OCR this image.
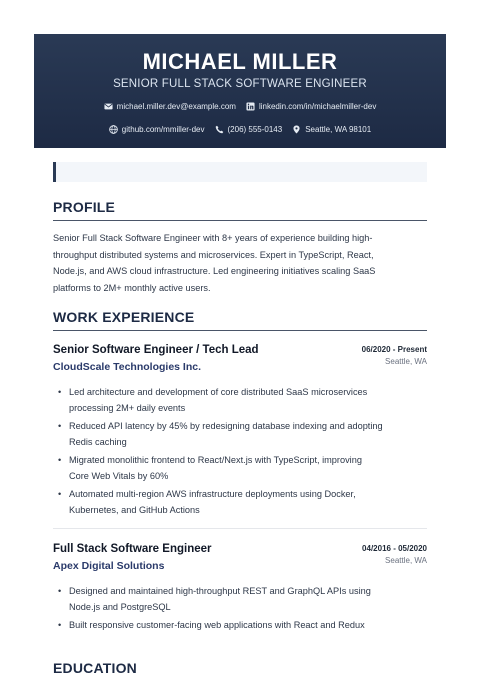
MICHAEL MILLER
SENIOR FULL STACK SOFTWARE ENGINEER
michael.miller.dev@example.com	linkedin.com/in/michaelmiller-dev
github.com/mmiller-dev	(206) 555-0143	Seattle, WA 98101
PROFILE
Senior Full Stack Software Engineer with 8+ years of experience building high-
throughput distributed systems and microservices. Expert in TypeScript, React,
Node.js, and AWS cloud infrastructure. Led engineering initiatives scaling SaaS
platforms to 2M+ monthly active users.
WORK EXPERIENCE
Senior Software Engineer / Tech Lead
CloudScale Technologies Inc.
06/2020 - Present
Seattle, WA
• Led architecture and development of core distributed SaaS microservices
processing 2M+ daily events
• Reduced API latency by 45% by redesigning database indexing and adopting
Redis caching
• Migrated monolithic frontend to React/Next.js with TypeScript, improving
Core Web Vitals by 60%
• Automated multi-region AWS infrastructure deployments using Docker,
Kubernetes, and GitHub Actions
Full Stack Software Engineer
Apex Digital Solutions
04/2016 - 05/2020
Seattle, WA
• Designed and maintained high-throughput REST and GraphQL APIs using
Node.js and PostgreSQL
• Built responsive customer-facing web applications with React and Redux
EDUCATION
